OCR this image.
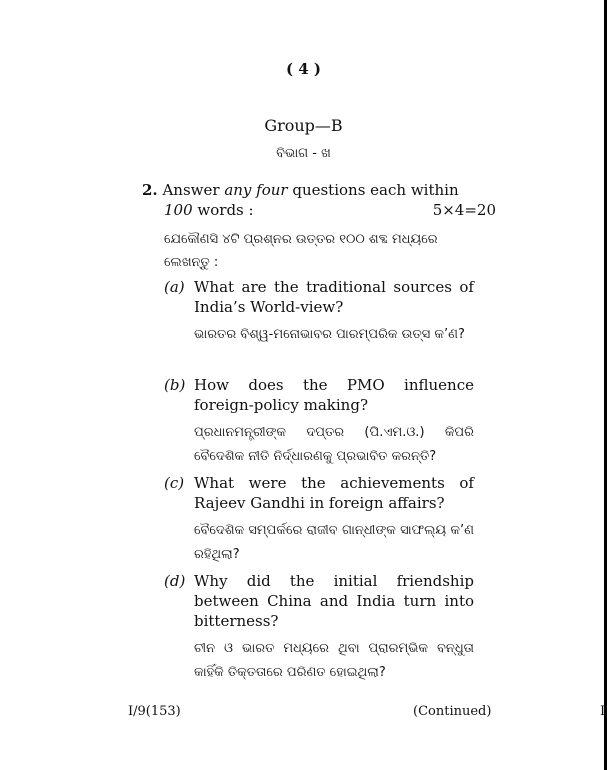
( 4 )
Group—B
ବିଭାଗ - ଖ
2. Answer any four questions each within
100 words :	5×4=20
ଯେକୌଣସି ୪ଟି ପ୍ରଶ୍ନର ଉତ୍ତର ୧୦୦ ଶବ୍ଦ ମଧ୍ୟରେ ଲେଖନ୍ତୁ :
(a) What are the traditional sources of India’s World-view?
ଭାରତର ବିଶ୍ୱ-ମନୋଭାବର ପାରମ୍ପରିକ ଉତ୍ସ କ’ଣ?
(b) How does the PMO influence foreign-policy making?
ପ୍ରଧାନମନ୍ତ୍ରୀଙ୍କ ଦପ୍ତର (ପି.ଏମ.ଓ.) କିପରି ବୈଦେଶିକ ନୀତି ନିର୍ଦ୍ଧାରଣକୁ ପ୍ରଭାବିତ କରନ୍ତି?
(c) What were the achievements of Rajeev Gandhi in foreign affairs?
ବୈଦେଶିକ ସମ୍ପର୍କରେ ରାଜୀବ ଗାନ୍ଧୀଙ୍କ ସାଫଲ୍ୟ କ’ଣ ରହିଥିଲା?
(d) Why did the initial friendship between China and India turn into bitterness?
ଚୀନ ଓ ଭାରତ ମଧ୍ୟରେ ଥିବା ପ୍ରାରମ୍ଭିକ ବନ୍ଧୁତା କାହିଁକି ତିକ୍ତତାରେ ପରିଣତ ହୋଇଥିଲା?
I/9(153)	(Continued)	I
